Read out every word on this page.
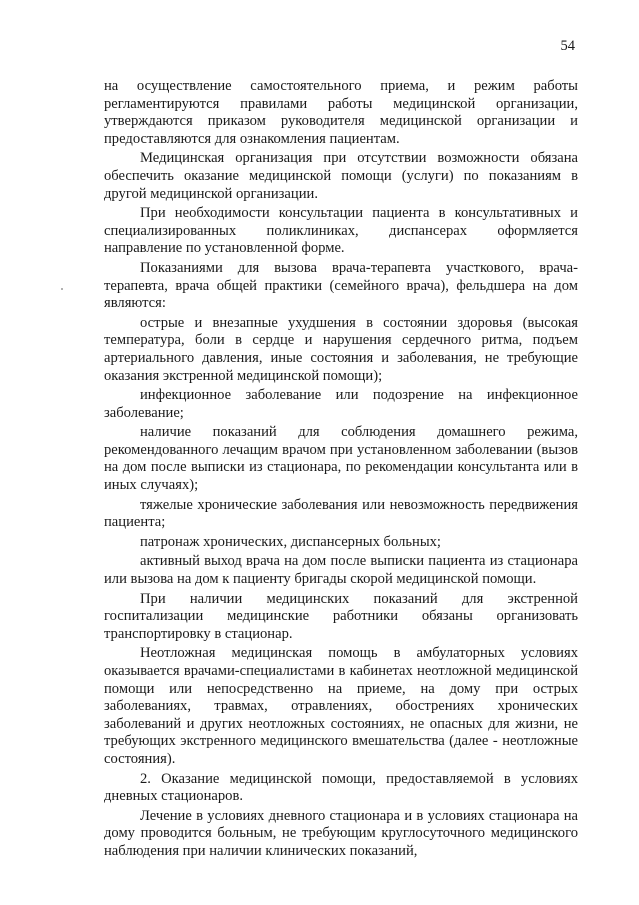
54

на осуществление самостоятельного приема, и режим работы регламентируются правилами работы медицинской организации, утверждаются приказом руководителя медицинской организации и предоставляются для ознакомления пациентам.

Медицинская организация при отсутствии возможности обязана обеспечить оказание медицинской помощи (услуги) по показаниям в другой медицинской организации.

При необходимости консультации пациента в консультативных и специализированных поликлиниках, диспансерах оформляется направление по установленной форме.

Показаниями для вызова врача-терапевта участкового, врача-терапевта, врача общей практики (семейного врача), фельдшера на дом являются:

острые и внезапные ухудшения в состоянии здоровья (высокая температура, боли в сердце и нарушения сердечного ритма, подъем артериального давления, иные состояния и заболевания, не требующие оказания экстренной медицинской помощи);

инфекционное заболевание или подозрение на инфекционное заболевание;

наличие показаний для соблюдения домашнего режима, рекомендованного лечащим врачом при установленном заболевании (вызов на дом после выписки из стационара, по рекомендации консультанта или в иных случаях);

тяжелые хронические заболевания или невозможность передвижения пациента;

патронаж хронических, диспансерных больных;

активный выход врача на дом после выписки пациента из стационара или вызова на дом к пациенту бригады скорой медицинской помощи.

При наличии медицинских показаний для экстренной госпитализации медицинские работники обязаны организовать транспортировку в стационар.

Неотложная медицинская помощь в амбулаторных условиях оказывается врачами-специалистами в кабинетах неотложной медицинской помощи или непосредственно на приеме, на дому при острых заболеваниях, травмах, отравлениях, обострениях хронических заболеваний и других неотложных состояниях, не опасных для жизни, не требующих экстренного медицинского вмешательства (далее - неотложные состояния).

2. Оказание медицинской помощи, предоставляемой в условиях дневных стационаров.

Лечение в условиях дневного стационара и в условиях стационара на дому проводится больным, не требующим круглосуточного медицинского наблюдения при наличии клинических показаний,
